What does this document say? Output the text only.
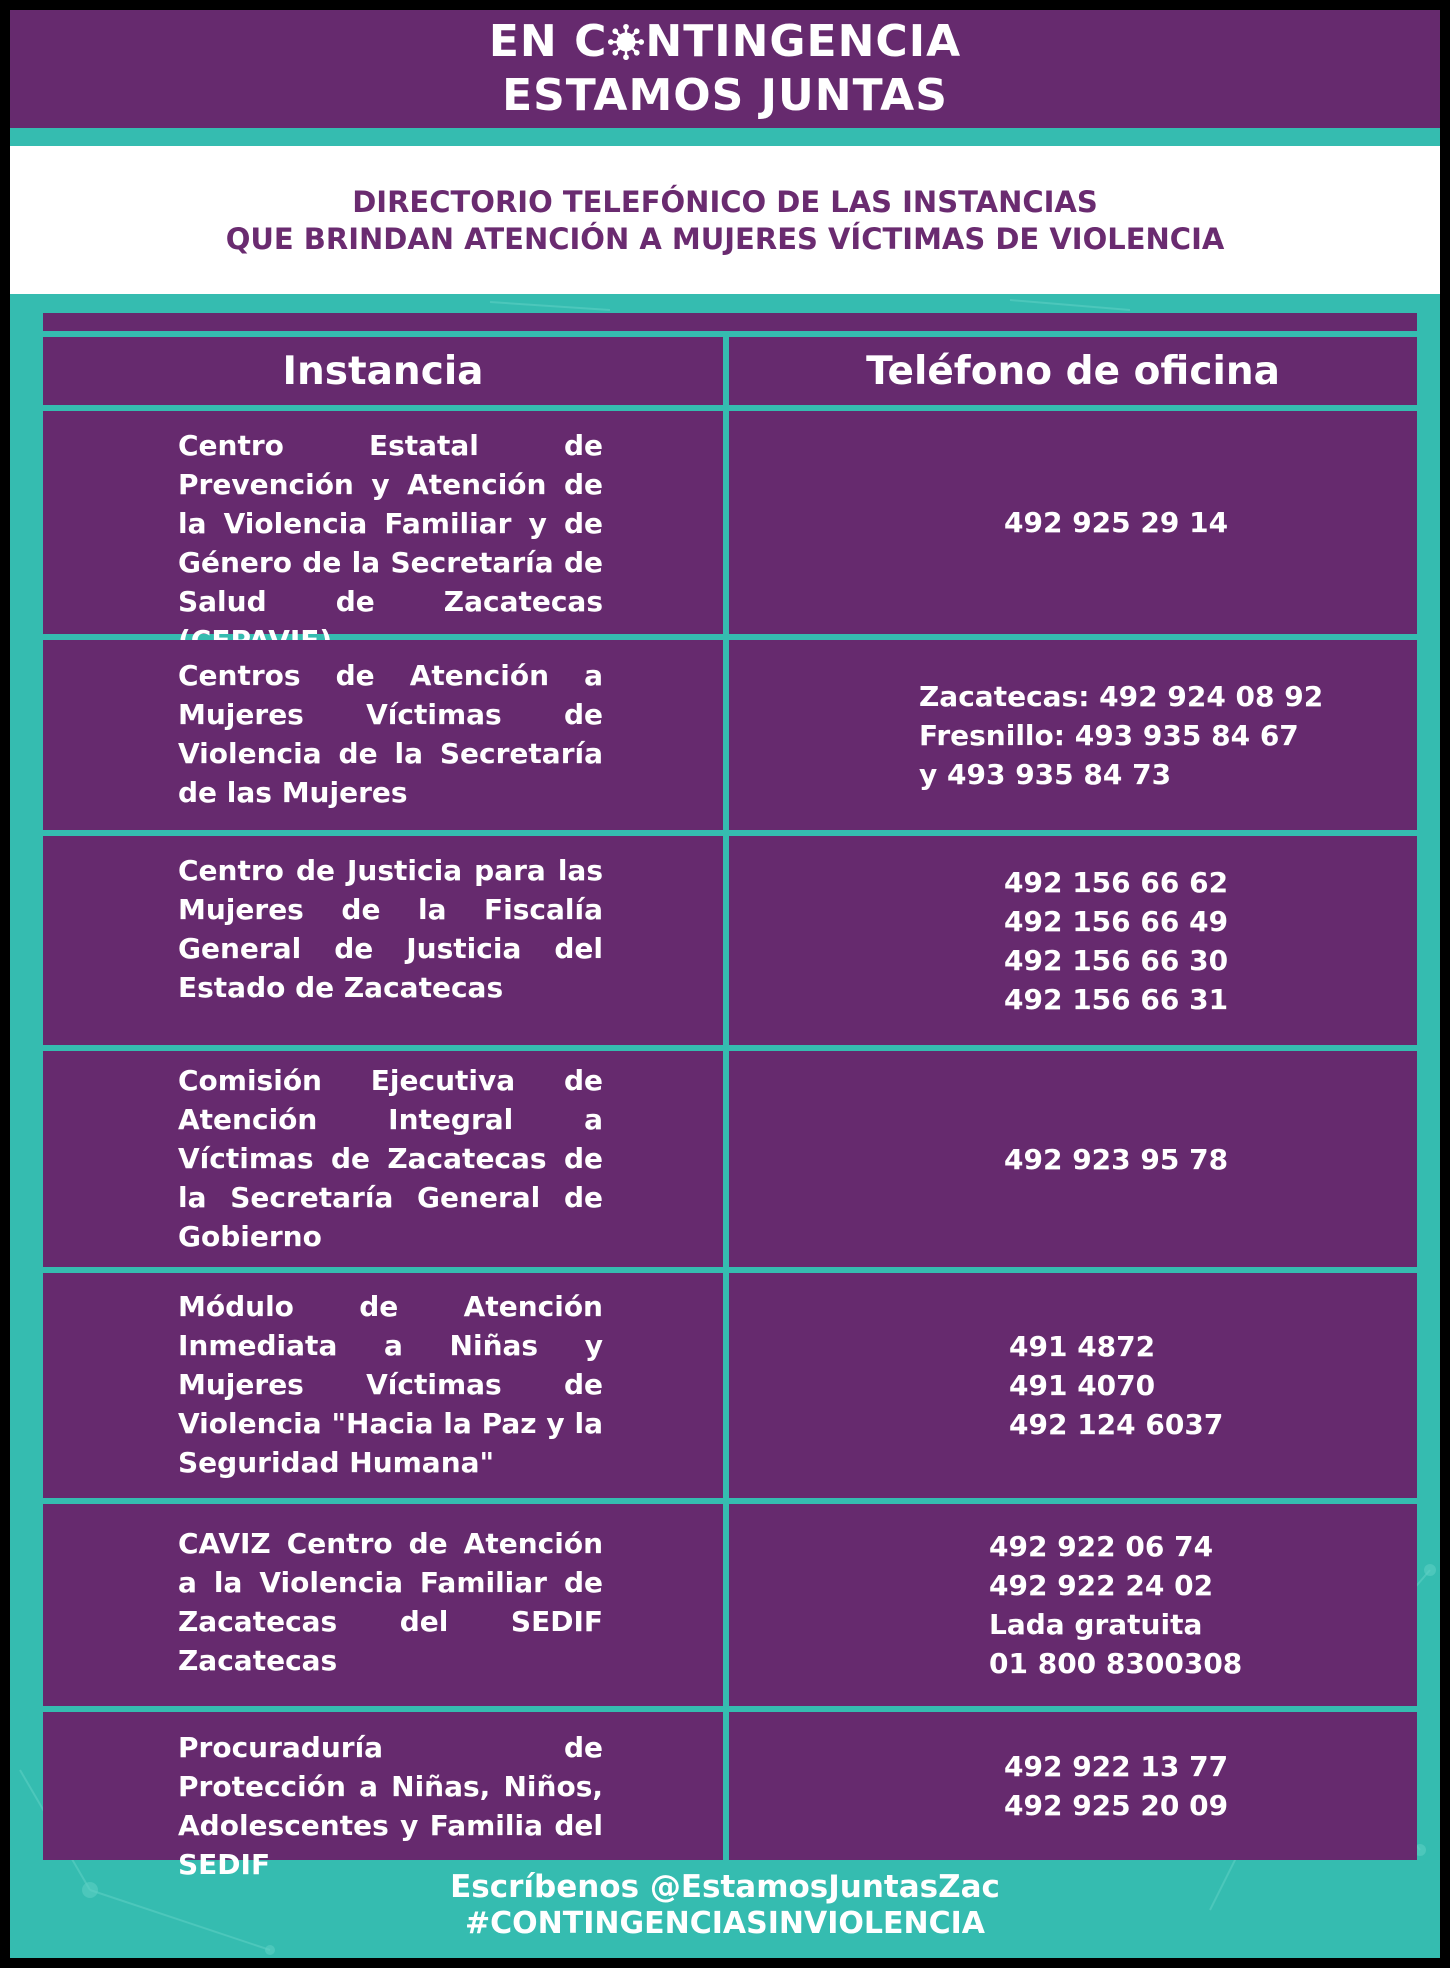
EN C NTINGENCIA
ESTAMOS JUNTAS
DIRECTORIO TELEFÓNICO DE LAS INSTANCIAS
QUE BRINDAN ATENCIÓN A MUJERES VÍCTIMAS DE VIOLENCIA
Instancia	Teléfono de oficina
Centro Estatal de Prevención y Atención de la Violencia Familiar y de Género de la Secretaría de Salud de Zacatecas
492 925 29 14
Centros de Atención a Mujeres Víctimas de Violencia de la Secretaría de las Mujeres
Zacatecas: 492 924 08 92
Fresnillo: 493 935 84 67
y 493 935 84 73
Centro de Justicia para las Mujeres de la Fiscalía General de Justicia del Estado de Zacatecas
492 156 66 62
492 156 66 49
492 156 66 30
492 156 66 31
Comisión Ejecutiva de Atención Integral a Víctimas de Zacatecas de la Secretaría General de Gobierno
492 923 95 78
Módulo de Atención Inmediata a Niñas y Mujeres Víctimas de Violencia "Hacia la Paz y la Seguridad Humana"
491 4872
491 4070
492 124 6037
CAVIZ Centro de Atención a la Violencia Familiar de Zacatecas del SEDIF Zacatecas
492 922 06 74
492 922 24 02
Lada gratuita
01 800 8300308
Procuraduría de Protección a Niñas, Niños, Adolescentes y Familia del SEDIF
492 922 13 77
492 925 20 09
Escríbenos @EstamosJuntasZac
#CONTINGENCIASINVIOLENCIA
